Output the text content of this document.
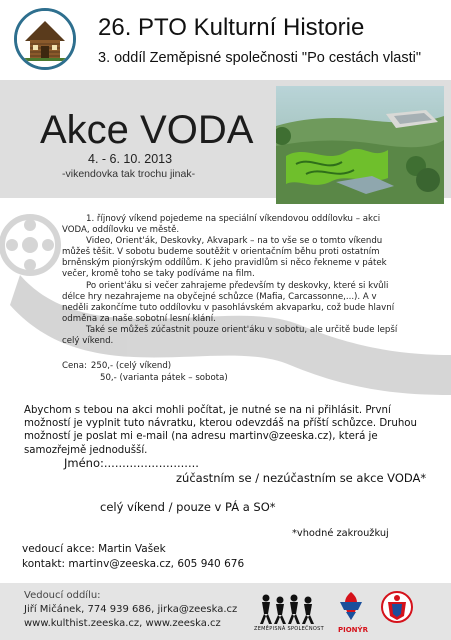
26. PTO Kulturní Historie
3. oddíl Zeměpisné společnosti "Po cestách vlasti"
Akce VODA
4. - 6. 10. 2013
-vikendovka tak trochu jinak-

1. říjnový víkend pojedeme na speciální víkendovou oddílovku – akci VODA, oddílovku ve městě.

Video, Orient'ák, Deskovky, Akvapark – na to vše se o tomto víkendu můžeš těšit. V sobotu budeme soutěžit v orientačním běhu proti ostatním brněnským pionýrským oddílům. K jeho pravidlům si něco řekneme v pátek večer, kromě toho se taky podíváme na film.

Po orient'áku si večer zahrajeme především ty deskovky, které si kvůli délce hry nezahrajeme na obyčejné schůzce (Mafia, Carcassonne,...). A v neděli zakončíme tuto oddílovku v pasohlávském akvaparku, což bude hlavní odměna za naše sobotní lesní klání.

Také se můžeš zúčastnit pouze orient'áku v sobotu, ale určitě bude lepší celý víkend.

Cena: 250,- (celý víkend)
50,- (varianta pátek – sobota)
Abychom s tebou na akci mohli počítat, je nutné se na ni přihlásit. První možností je vyplnit tuto návratku, kterou odevzdáš na příští schůzce. Druhou možností je poslat mi e-mail (na adresu martinv@zeeska.cz), která je samozřejmě jednodušší.
Jméno:..........................
zúčastním se / nezúčastním se akce VODA*
celý víkend / pouze v PÁ a SO*
*vhodné zakroužkuj
vedoucí akce: Martin Vašek
kontakt: martinv@zeeska.cz, 605 940 676
Vedoucí oddílu:
Jiří Mičánek, 774 939 686, jirka@zeeska.cz
www.kulthist.zeeska.cz, www.zeeska.cz	ZEMĚPISNÁ SPOLEČNOST PIONÝR
